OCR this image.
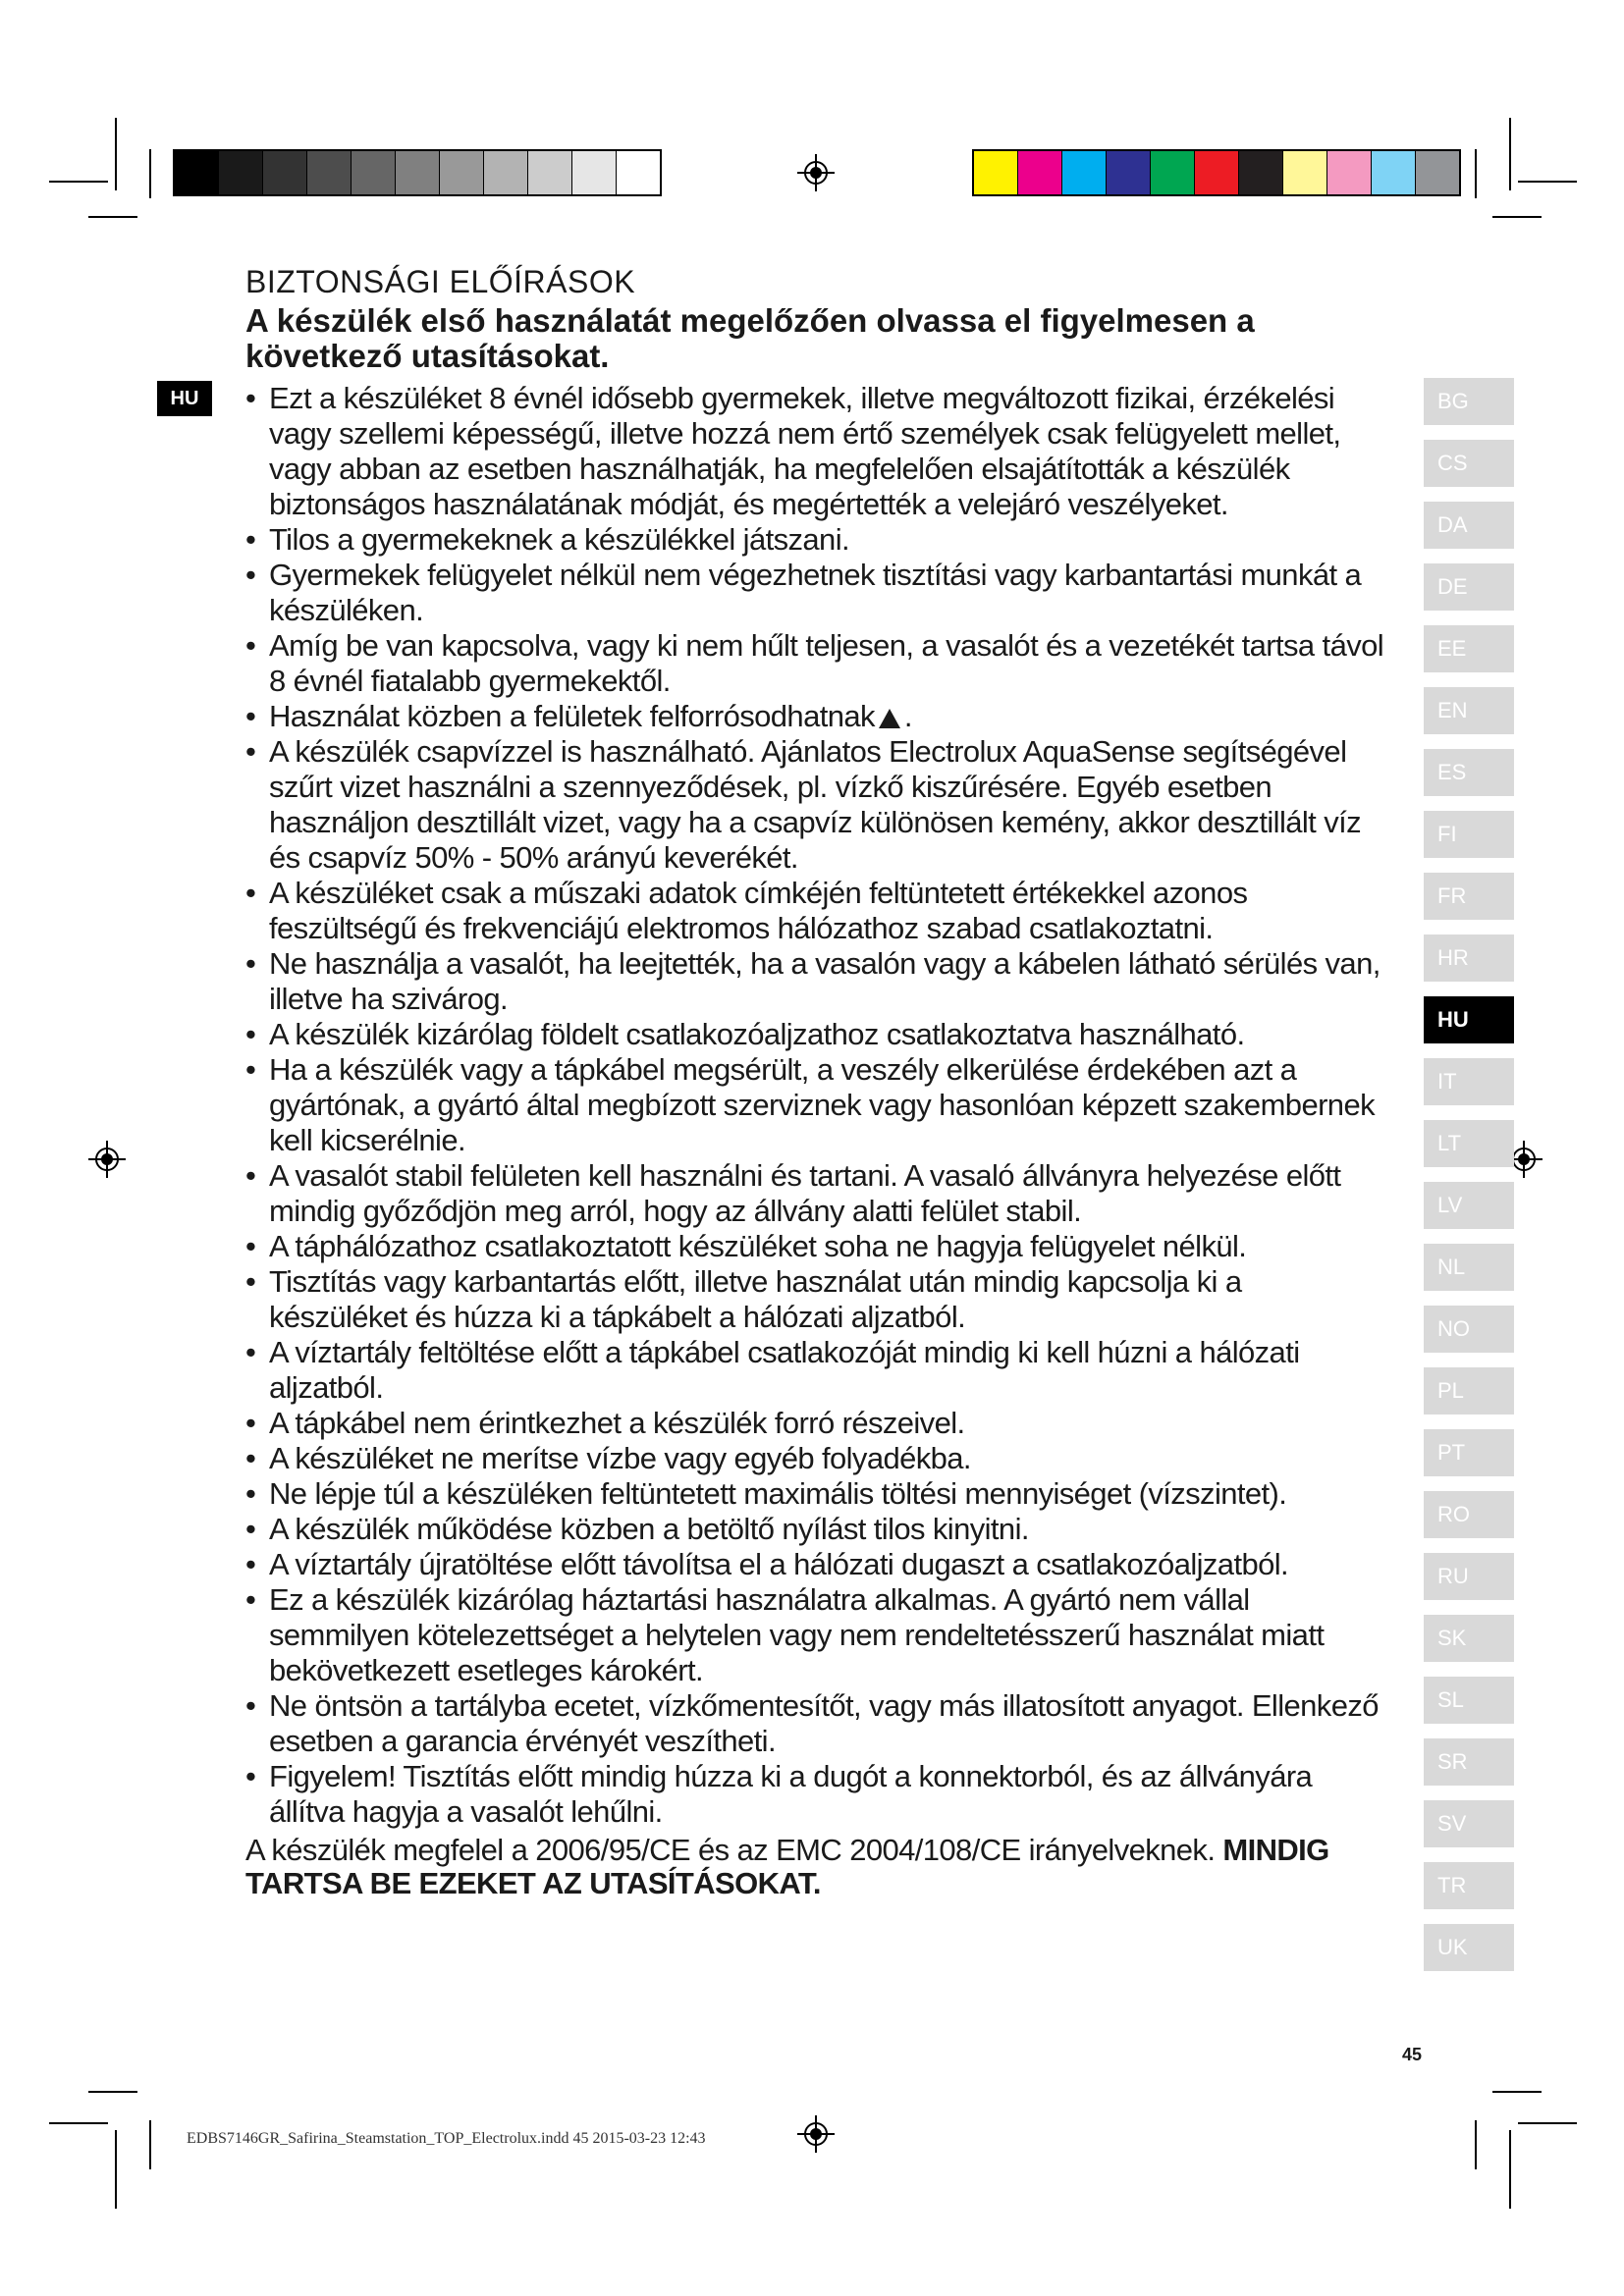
HU
BIZTONSÁGI ELŐÍRÁSOK
A készülék első használatát megelőzően olvassa el figyelmesen a következő utasításokat.
• Ezt a készüléket 8 évnél idősebb gyermekek, illetve megváltozott fizikai, érzékelési vagy szellemi képességű, illetve hozzá nem értő személyek csak felügyelett mellet, vagy abban az esetben használhatják, ha megfelelően elsajátították a készülék biztonságos használatának módját, és megértették a velejáró veszélyeket.
• Tilos a gyermekeknek a készülékkel játszani.
• Gyermekek felügyelet nélkül nem végezhetnek tisztítási vagy karbantartási munkát a készüléken.
• Amíg be van kapcsolva, vagy ki nem hűlt teljesen, a vasalót és a vezetékét tartsa távol 8 évnél fiatalabb gyermekektől.
• Használat közben a felületek felforrósodhatnak .
• A készülék csapvízzel is használható. Ajánlatos Electrolux AquaSense segítségével szűrt vizet használni a szennyeződések, pl. vízkő kiszűrésére. Egyéb esetben használjon desztillált vizet, vagy ha a csapvíz különösen kemény, akkor desztillált víz és csapvíz 50% - 50% arányú keverékét.
• A készüléket csak a műszaki adatok címkéjén feltüntetett értékekkel azonos feszültségű és frekvenciájú elektromos hálózathoz szabad csatlakoztatni.
• Ne használja a vasalót, ha leejtették, ha a vasalón vagy a kábelen látható sérülés van, illetve ha szivárog.
• A készülék kizárólag földelt csatlakozóaljzathoz csatlakoztatva használható.
• Ha a készülék vagy a tápkábel megsérült, a veszély elkerülése érdekében azt a gyártónak, a gyártó által megbízott szerviznek vagy hasonlóan képzett szakembernek kell kicserélnie.
• A vasalót stabil felületen kell használni és tartani. A vasaló állványra helyezése előtt mindig győződjön meg arról, hogy az állvány alatti felület stabil.
• A táphálózathoz csatlakoztatott készüléket soha ne hagyja felügyelet nélkül.
• Tisztítás vagy karbantartás előtt, illetve használat után mindig kapcsolja ki a készüléket és húzza ki a tápkábelt a hálózati aljzatból.
• A víztartály feltöltése előtt a tápkábel csatlakozóját mindig ki kell húzni a hálózati aljzatból.
• A tápkábel nem érintkezhet a készülék forró részeivel.
• A készüléket ne merítse vízbe vagy egyéb folyadékba.
• Ne lépje túl a készüléken feltüntetett maximális töltési mennyiséget (vízszintet).
• A készülék működése közben a betöltő nyílást tilos kinyitni.
• A víztartály újratöltése előtt távolítsa el a hálózati dugaszt a csatlakozóaljzatból.
• Ez a készülék kizárólag háztartási használatra alkalmas. A gyártó nem vállal semmilyen kötelezettséget a helytelen vagy nem rendeltetésszerű használat miatt bekövetkezett esetleges károkért.
• Ne öntsön a tartályba ecetet, vízkőmentesítőt, vagy más illatosított anyagot. Ellenkező esetben a garancia érvényét veszítheti.
• Figyelem! Tisztítás előtt mindig húzza ki a dugót a konnektorból, és az állványára állítva hagyja a vasalót lehűlni.
A készülék megfelel a 2006/95/CE és az EMC 2004/108/CE irányelveknek. MINDIG TARTSA BE EZEKET AZ UTASÍTÁSOKAT.
BG
CS
DA
DE
EE
EN
ES
FI
FR
HR
HU
IT
LT
LV
NL
NO
PL
PT
RO
RU
SK
SL
SR
SV
TR
UK
45
EDBS7146GR_Safirina_Steamstation_TOP_Electrolux.indd 45 2015-03-23 12:43
